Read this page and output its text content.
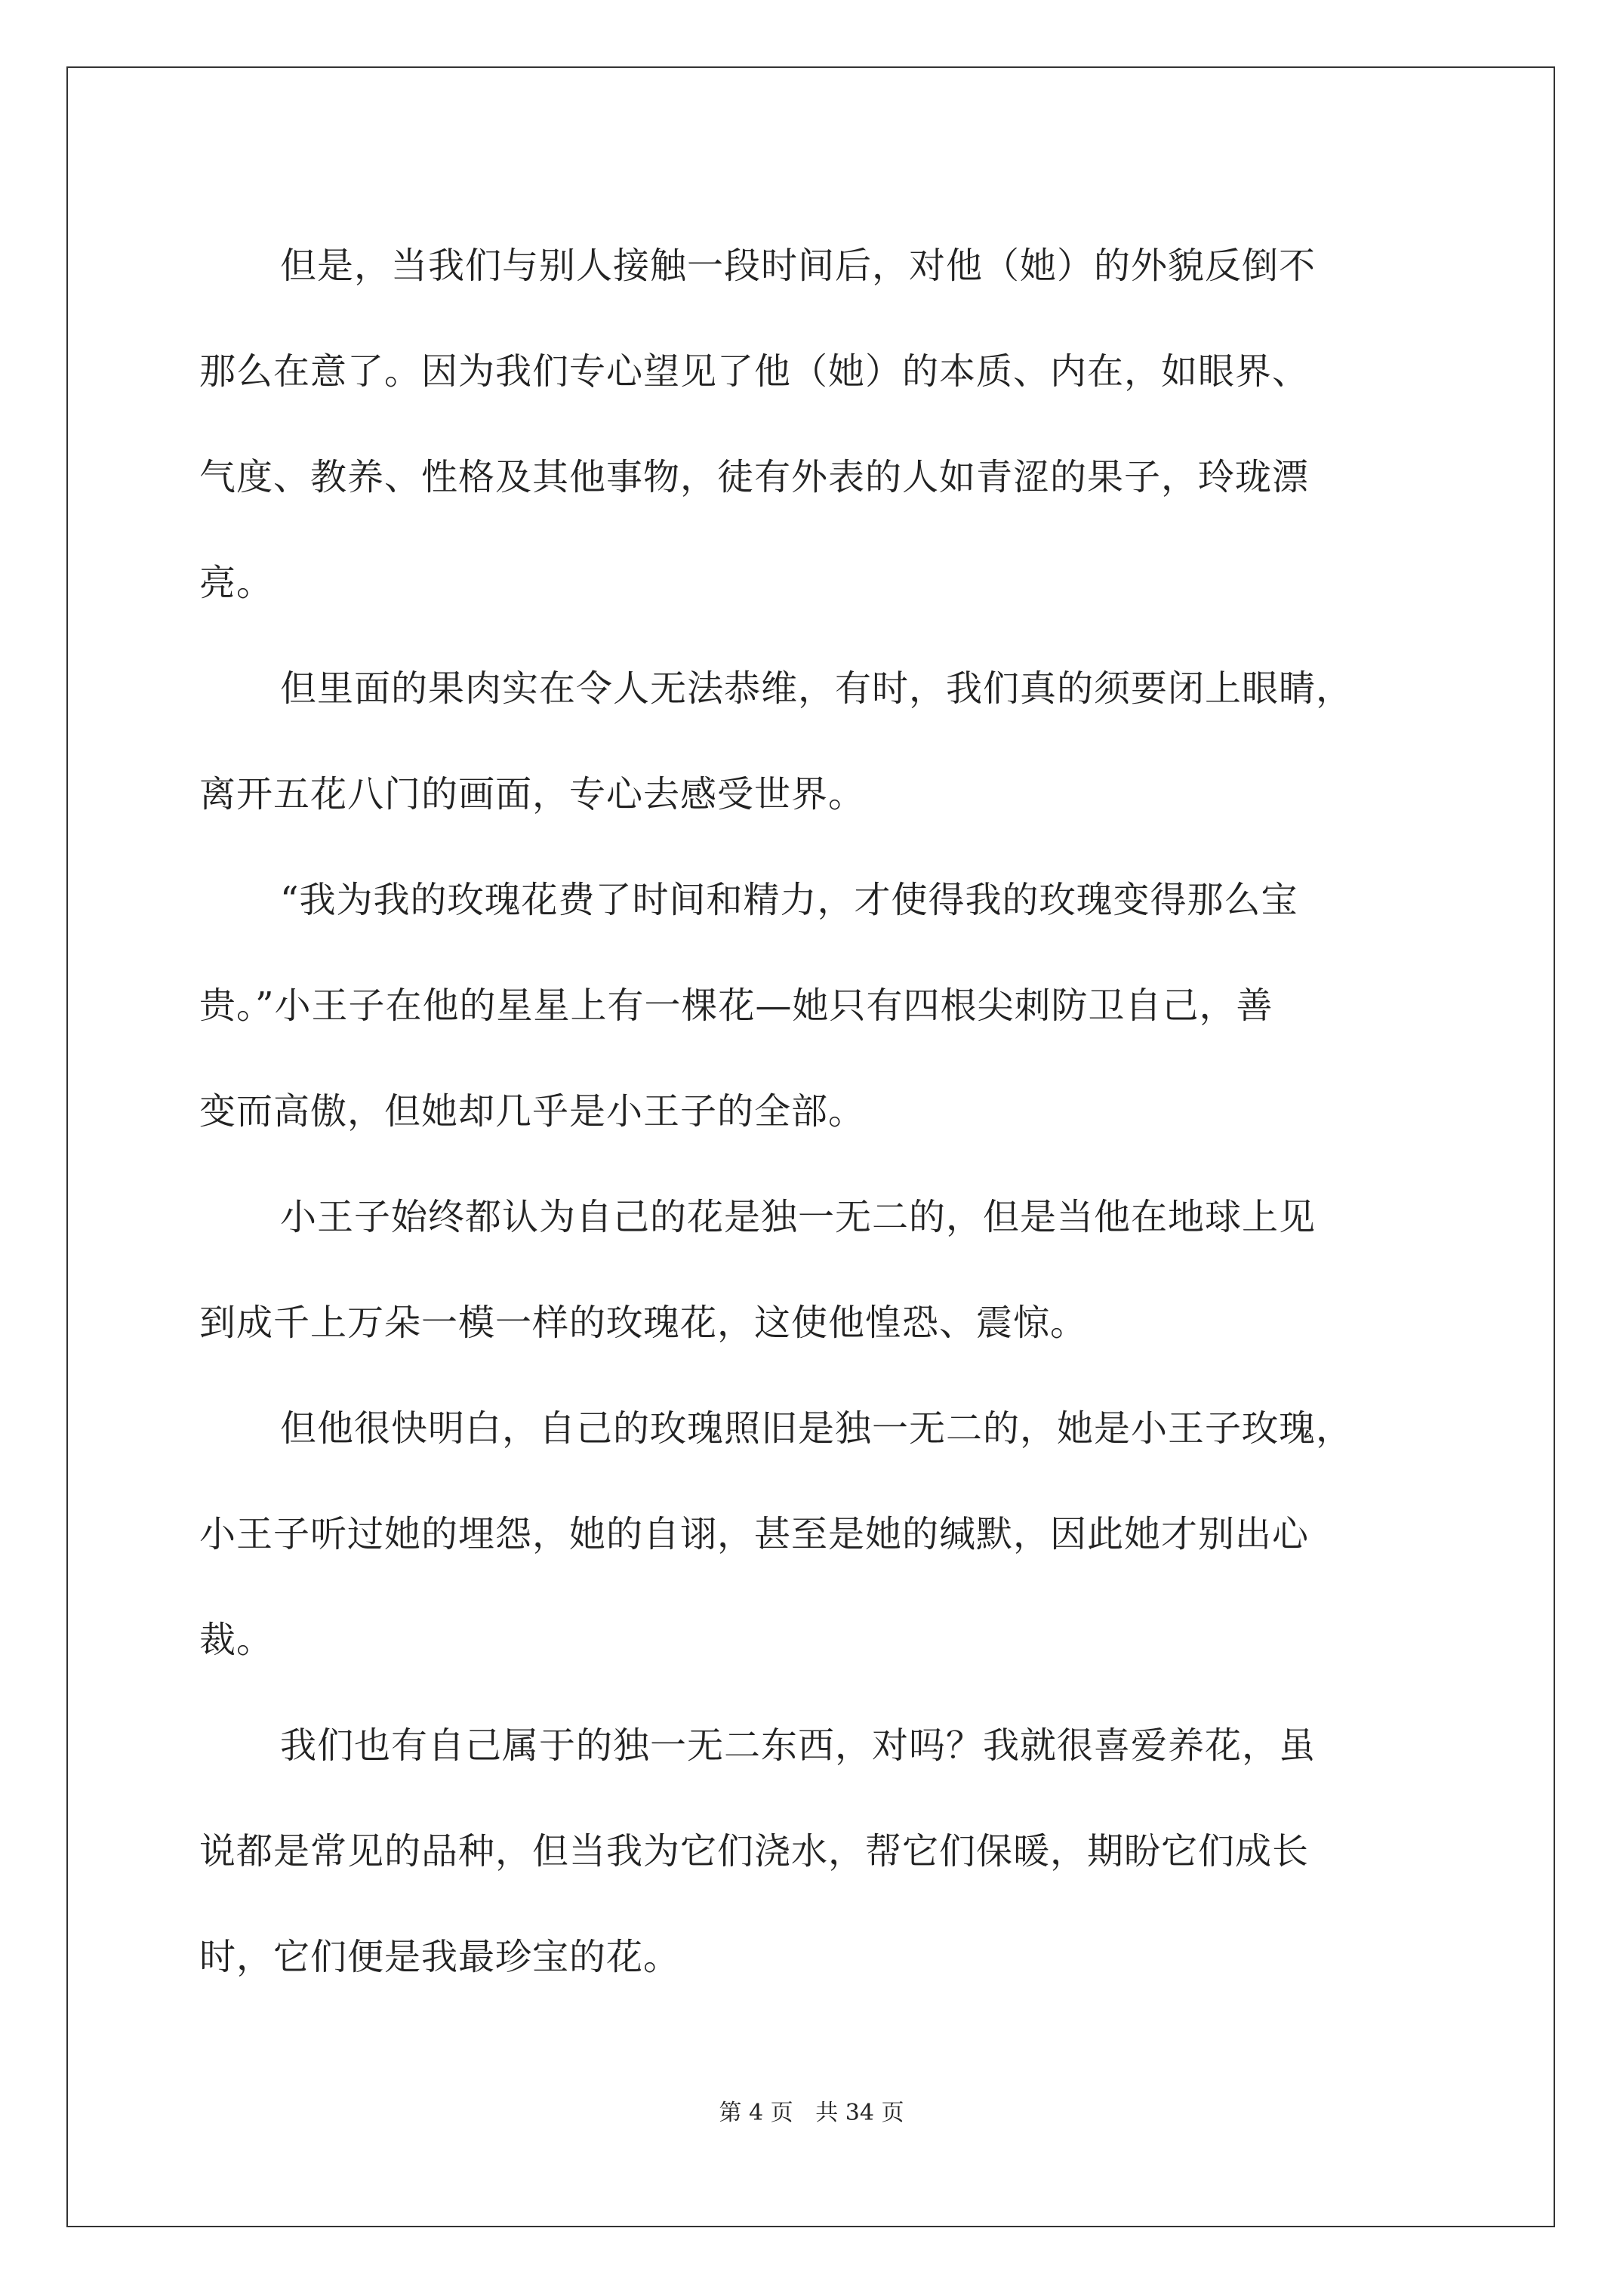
但是，当我们与别人接触一段时间后，对他（她）的外貌反倒不
那么在意了。因为我们专心望见了他（她）的本质、内在，如眼界、
气度、教养、性格及其他事物，徒有外表的人如青涩的果子，玲珑漂
亮。

但里面的果肉实在令人无法恭维，有时，我们真的须要闭上眼睛，
离开五花八门的画面，专心去感受世界。

“我为我的玫瑰花费了时间和精力，才使得我的玫瑰变得那么宝
贵。”小王子在他的星星上有一棵花—她只有四根尖刺防卫自己，善
变而高傲，但她却几乎是小王子的全部。

小王子始终都认为自己的花是独一无二的，但是当他在地球上见
到成千上万朵一模一样的玫瑰花，这使他惶恐、震惊。

但他很快明白，自己的玫瑰照旧是独一无二的，她是小王子玫瑰，
小王子听过她的埋怨，她的自诩，甚至是她的缄默，因此她才别出心
裁。

我们也有自己属于的独一无二东西，对吗？我就很喜爱养花，虽
说都是常见的品种，但当我为它们浇水，帮它们保暖，期盼它们成长
时，它们便是我最珍宝的花。

第 4 页 共 34 页
